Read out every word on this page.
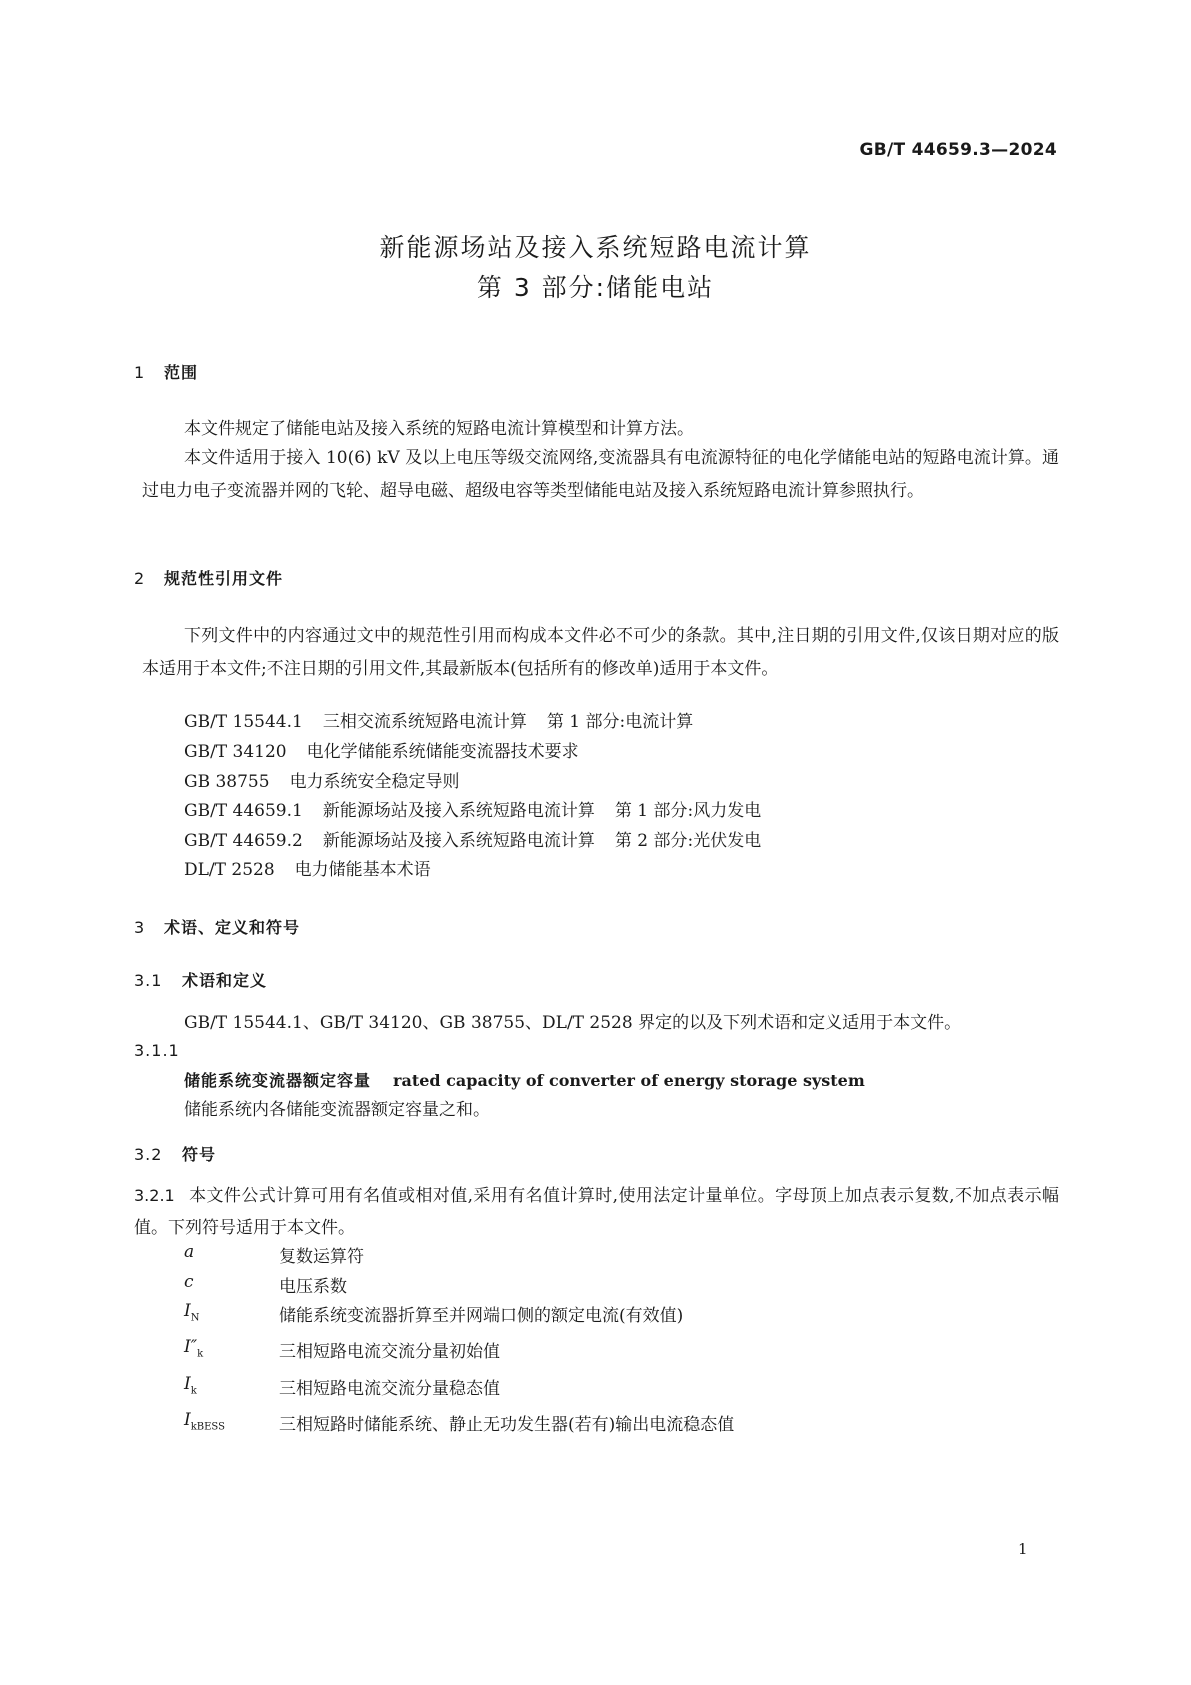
GB/T 44659.3—2024
新能源场站及接入系统短路电流计算
第 3 部分:储能电站
1 范围
本文件规定了储能电站及接入系统的短路电流计算模型和计算方法。
本文件适用于接入 10(6) kV 及以上电压等级交流网络,变流器具有电流源特征的电化学储能电站的短路电流计算。通过电力电子变流器并网的飞轮、超导电磁、超级电容等类型储能电站及接入系统短路电流计算参照执行。
2 规范性引用文件
下列文件中的内容通过文中的规范性引用而构成本文件必不可少的条款。其中,注日期的引用文件,仅该日期对应的版本适用于本文件;不注日期的引用文件,其最新版本(包括所有的修改单)适用于本文件。
GB/T 15544.1 三相交流系统短路电流计算 第 1 部分:电流计算
GB/T 34120 电化学储能系统储能变流器技术要求
GB 38755 电力系统安全稳定导则
GB/T 44659.1 新能源场站及接入系统短路电流计算 第 1 部分:风力发电
GB/T 44659.2 新能源场站及接入系统短路电流计算 第 2 部分:光伏发电
DL/T 2528 电力储能基本术语
3 术语、定义和符号
3.1 术语和定义
GB/T 15544.1、GB/T 34120、GB 38755、DL/T 2528 界定的以及下列术语和定义适用于本文件。
3.1.1
储能系统变流器额定容量 rated capacity of converter of energy storage system
储能系统内各储能变流器额定容量之和。
3.2 符号
3.2.1 本文件公式计算可用有名值或相对值,采用有名值计算时,使用法定计量单位。字母顶上加点表示复数,不加点表示幅值。下列符号适用于本文件。
a	复数运算符
c	电压系数
$I_N$	储能系统变流器折算至并网端口侧的额定电流(有效值)
$I''_k$	三相短路电流交流分量初始值
$I_k$	三相短路电流交流分量稳态值
$I_{kBESS}$	三相短路时储能系统、静止无功发生器(若有)输出电流稳态值
1
